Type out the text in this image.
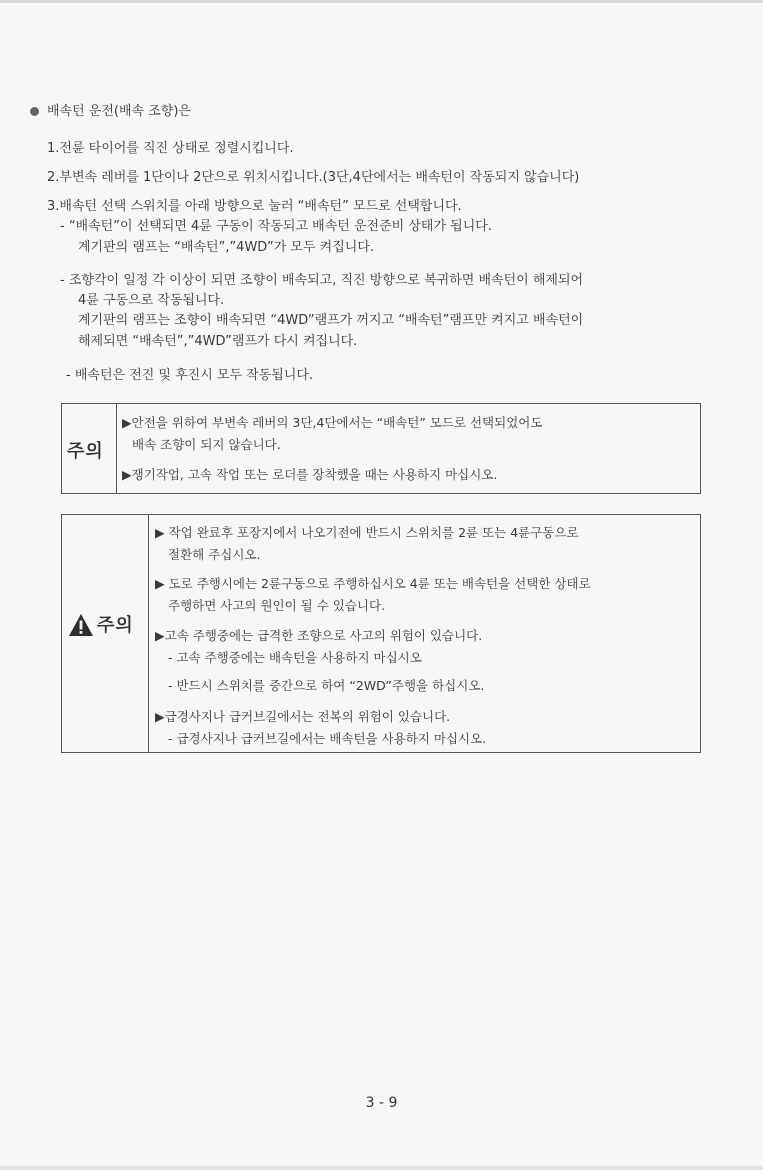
배속턴 운전(배속 조향)은
1.전륜 타이어를 직진 상태로 정렬시킵니다.
2.부변속 레버를 1단이나 2단으로 위치시킵니다.(3단,4단에서는 배속턴이 작동되지 않습니다)
3.배속턴 선택 스위치를 아래 방향으로 눌러 “배속턴” 모드로 선택합니다.
- “배속턴”이 선택되면 4륜 구동이 작동되고 배속턴 운전준비 상태가 됩니다.
계기판의 램프는 “배속턴”,”4WD”가 모두 켜집니다.
- 조향각이 일정 각 이상이 되면 조향이 배속되고, 직진 방향으로 복귀하면 배속턴이 해제되어
4륜 구동으로 작동됩니다.
계기판의 램프는 조향이 배속되면 “4WD”램프가 꺼지고 “배속턴”램프만 켜지고 배속턴이
해제되면 “배속턴”,”4WD”램프가 다시 켜집니다.
- 배속턴은 전진 및 후진시 모두 작동됩니다.
주의
▶안전을 위하여 부변속 레버의 3단,4단에서는 “배속턴” 모드로 선택되었어도
배속 조향이 되지 않습니다.
▶쟁기작업, 고속 작업 또는 로더를 장착했을 때는 사용하지 마십시오.
주의
▶ 작업 완료후 포장지에서 나오기전에 반드시 스위치를 2륜 또는 4륜구동으로
절환해 주십시오.
▶ 도로 주행시에는 2륜구동으로 주행하십시오 4륜 또는 배속턴을 선택한 상태로
주행하면 사고의 원인이 될 수 있습니다.
▶고속 주행중에는 급격한 조향으로 사고의 위험이 있습니다.
- 고속 주행중에는 배속턴을 사용하지 마십시오
- 반드시 스위치를 중간으로 하여 “2WD”주행을 하십시오.
▶급경사지나 급커브길에서는 전복의 위험이 있습니다.
- 급경사지나 급커브길에서는 배속턴을 사용하지 마십시오.
3 - 9
